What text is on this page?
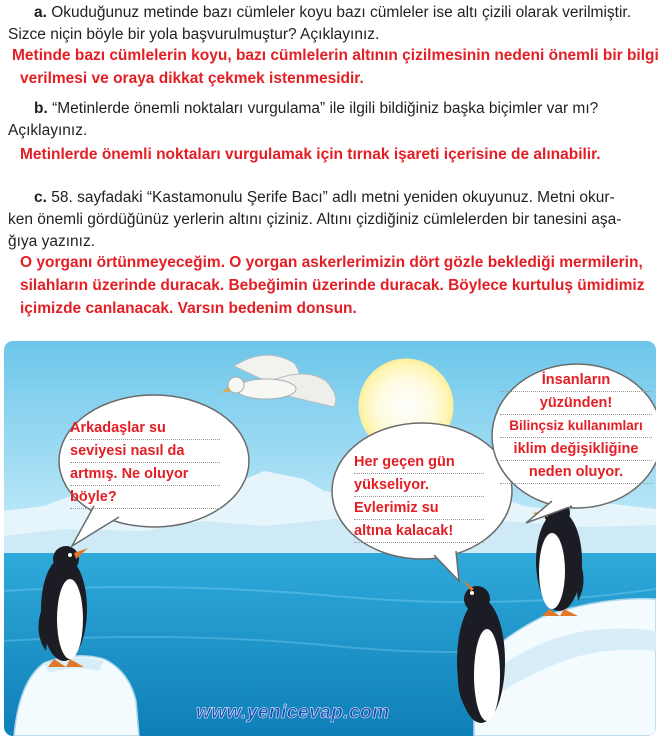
a. Okuduğunuz metinde bazı cümleler koyu bazı cümleler ise altı çizili olarak verilmiştir.
Sizce niçin böyle bir yola başvurulmuştur? Açıklayınız.
Metinde bazı cümlelerin koyu, bazı cümlelerin altının çizilmesinin nedeni önemli bir bilgi
verilmesi ve oraya dikkat çekmek istenmesidir.
b. “Metinlerde önemli noktaları vurgulama” ile ilgili bildiğiniz başka biçimler var mı?
Açıklayınız.
Metinlerde önemli noktaları vurgulamak için tırnak işareti içerisine de alınabilir.
c. 58. sayfadaki “Kastamonulu Şerife Bacı” adlı metni yeniden okuyunuz. Metni okur-
ken önemli gördüğünüz yerlerin altını çiziniz. Altını çizdiğiniz cümlelerden bir tanesini aşa-
ğıya yazınız.
O yorganı örtünmeyeceğim. O yorgan askerlerimizin dört gözle beklediği mermilerin,
silahların üzerinde duracak. Bebeğimin üzerinde duracak. Böylece kurtuluş ümidimiz
içimizde canlanacak. Varsın bedenim donsun.
Arkadaşlar su
seviyesi nasıl da
artmış. Ne oluyor
böyle?
Her geçen gün
yükseliyor.
Evlerimiz su
altına kalacak!
İnsanların
yüzünden!
Bilinçsiz kullanımları
iklim değişikliğine
neden oluyor.
www.yenicevap.com
